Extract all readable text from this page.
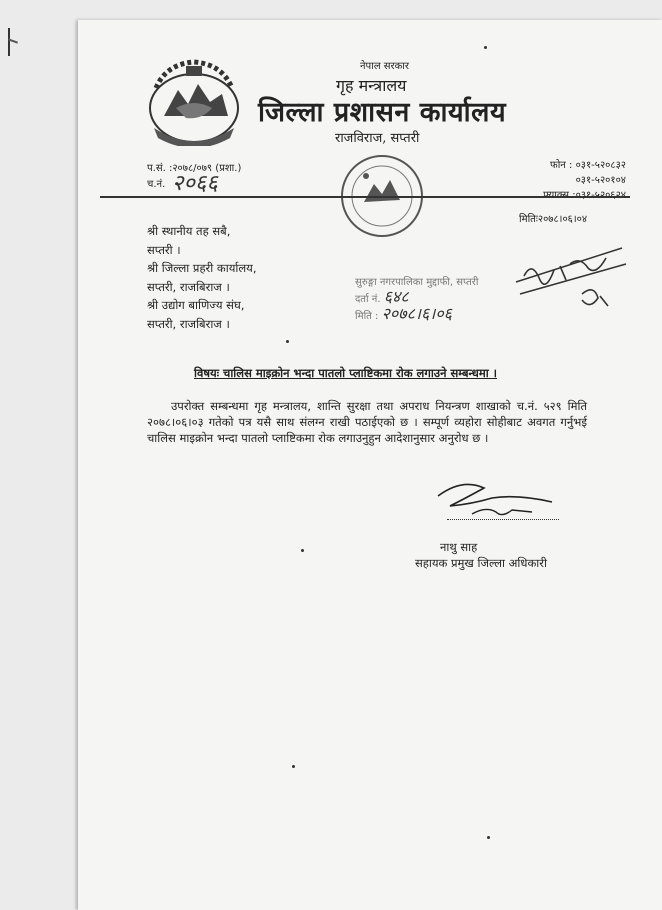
नेपाल सरकार
गृह मन्त्रालय
जिल्ला प्रशासन कार्यालय
राजविराज, सप्तरी
प.सं. :२०७८/०७९ (प्रशा.)
च.नं. २०६६
फोन : ०३१-५२०८३२
०३१-५२०१०४
मितिः२०७८।०६।०४
श्री स्थानीय तह सबै,
सप्तरी ।
श्री जिल्ला प्रहरी कार्यालय,
सप्तरी, राजबिराज ।
श्री उद्योग बाणिज्य संघ,
सप्तरी, राजबिराज ।
सुरुङ्गा नगरपालिका मुद्दाफी, सप्तरी
दर्ता नं. ६४८
मिति : २०७८।६।०६
विषयः चालिस माइक्रोन भन्दा पातलो प्लाष्टिकमा रोक लगाउने सम्बन्धमा ।
उपरोक्त सम्बन्धमा गृह मन्त्रालय, शान्ति सुरक्षा तथा अपराध नियन्त्रण शाखाको च.नं. ५२९ मिति २०७८।०६।०३ गतेको पत्र यसै साथ संलग्न राखी पठाईएको छ । सम्पूर्ण व्यहोरा सोहीबाट अवगत गर्नुभई चालिस माइक्रोन भन्दा पातलो प्लाष्टिकमा रोक लगाउनुहुन आदेशानुसार अनुरोध छ ।
नाथु साह
सहायक प्रमुख जिल्ला अधिकारी
